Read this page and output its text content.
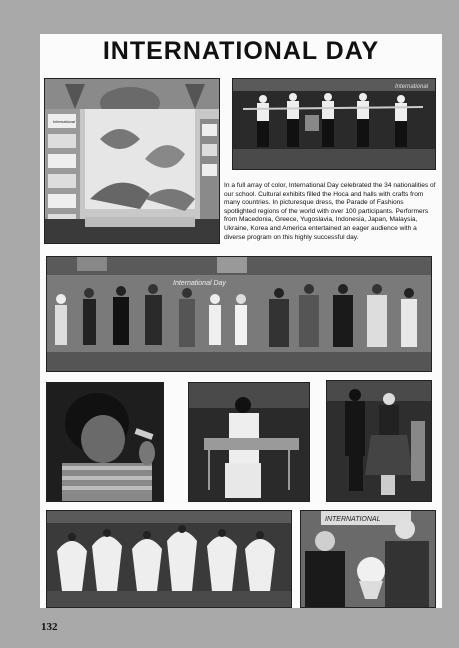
INTERNATIONAL DAY
International
International
In a full array of color, International Day celebrated the 34 nationalities of our school. Cultural exhibits filled the Hoca and halls with crafts from many countries. In picturesque dress, the Parade of Fashions spotlighted regions of the world with over 100 participants. Performers from Macedonia, Greece, Yugoslavia, Indonesia, Japan, Malaysia, Ukraine, Korea and America entertained an eager audience with a diverse program on this highly successful day.
International Day
INTERNATIONAL
132
